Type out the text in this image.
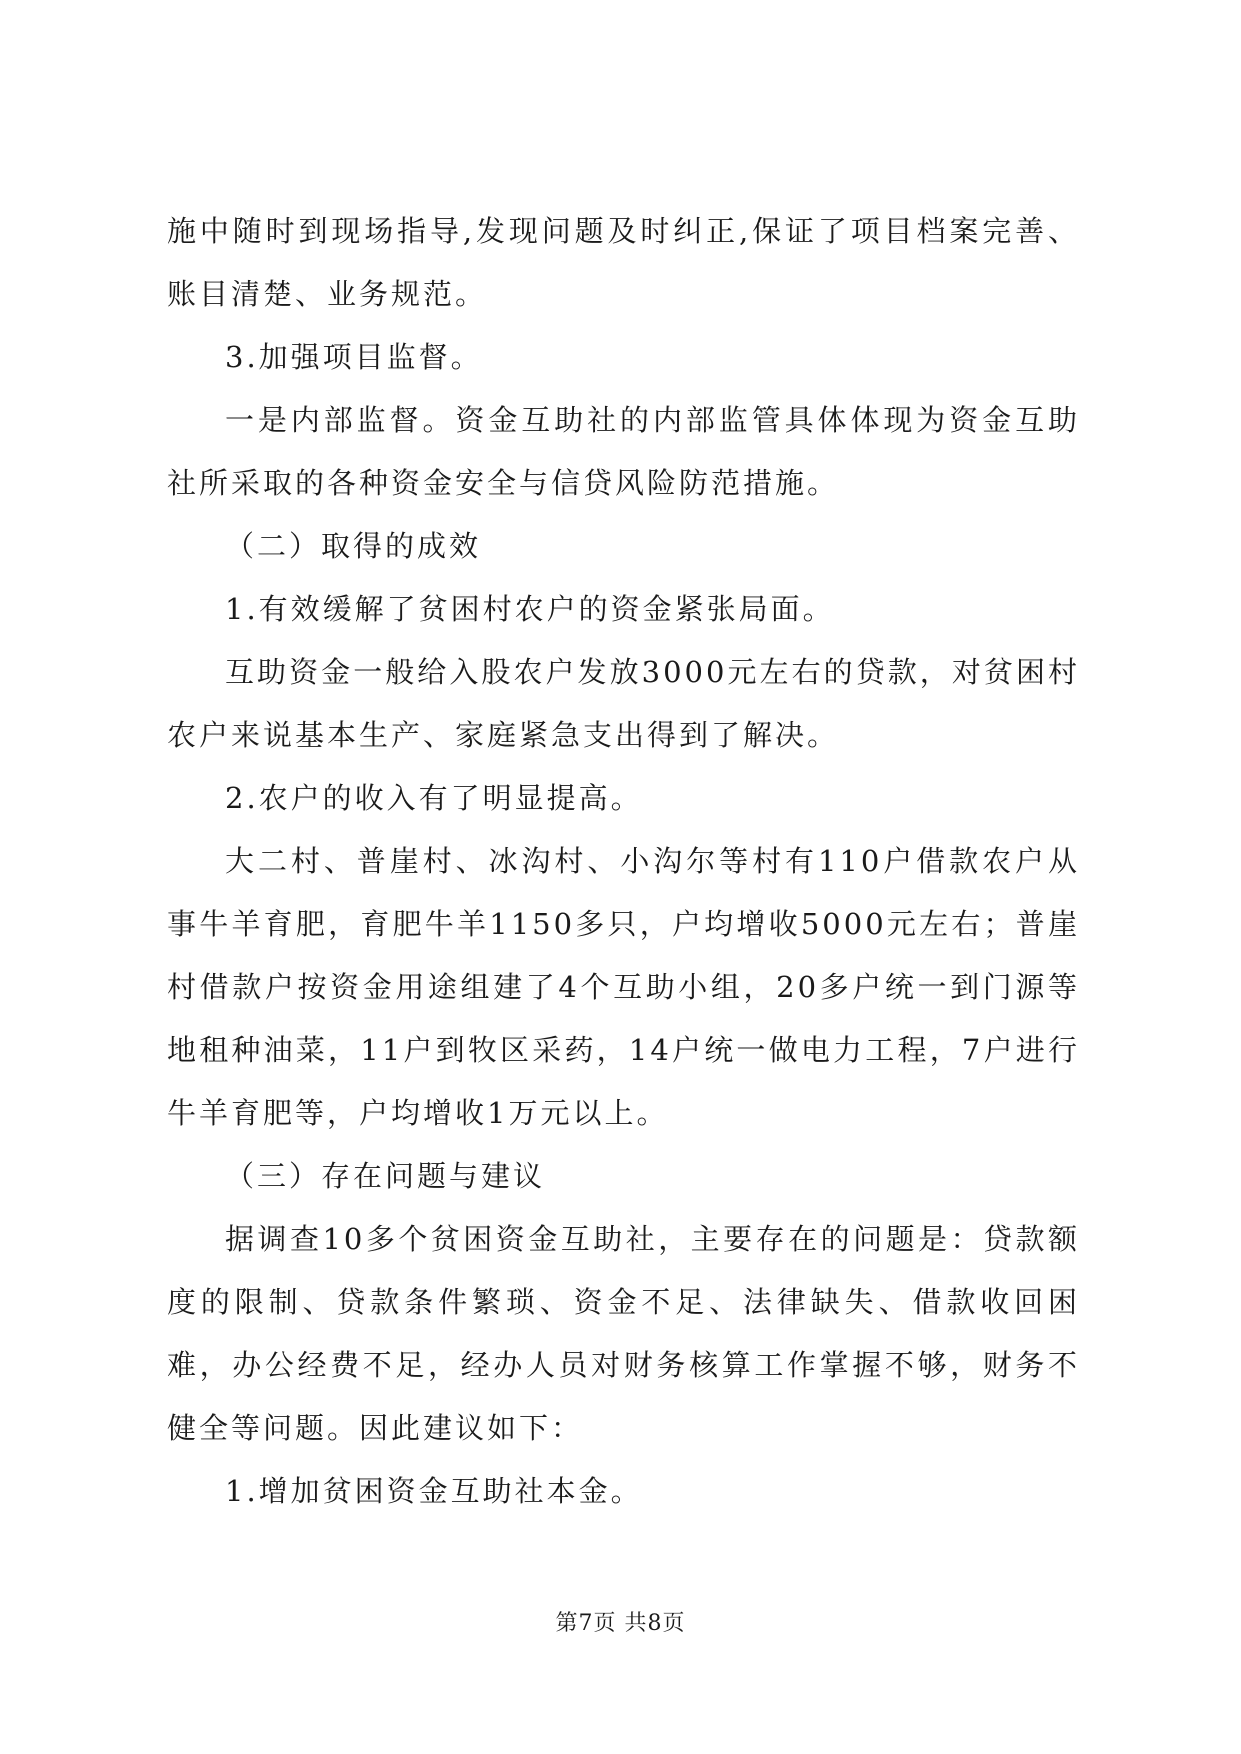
施中随时到现场指导,发现问题及时纠正,保证了项目档案完善、账目清楚、业务规范。

3.加强项目监督。

一是内部监督。资金互助社的内部监管具体体现为资金互助社所采取的各种资金安全与信贷风险防范措施。

（二）取得的成效

1.有效缓解了贫困村农户的资金紧张局面。

互助资金一般给入股农户发放3000元左右的贷款，对贫困村农户来说基本生产、家庭紧急支出得到了解决。

2.农户的收入有了明显提高。

大二村、普崖村、冰沟村、小沟尔等村有110户借款农户从事牛羊育肥，育肥牛羊1150多只，户均增收5000元左右；普崖村借款户按资金用途组建了4个互助小组，20多户统一到门源等地租种油菜，11户到牧区采药，14户统一做电力工程，7户进行牛羊育肥等，户均增收1万元以上。

（三）存在问题与建议

据调查10多个贫困资金互助社，主要存在的问题是：贷款额度的限制、贷款条件繁琐、资金不足、法律缺失、借款收回困难，办公经费不足，经办人员对财务核算工作掌握不够，财务不健全等问题。因此建议如下：

1.增加贫困资金互助社本金。

第7页 共8页
